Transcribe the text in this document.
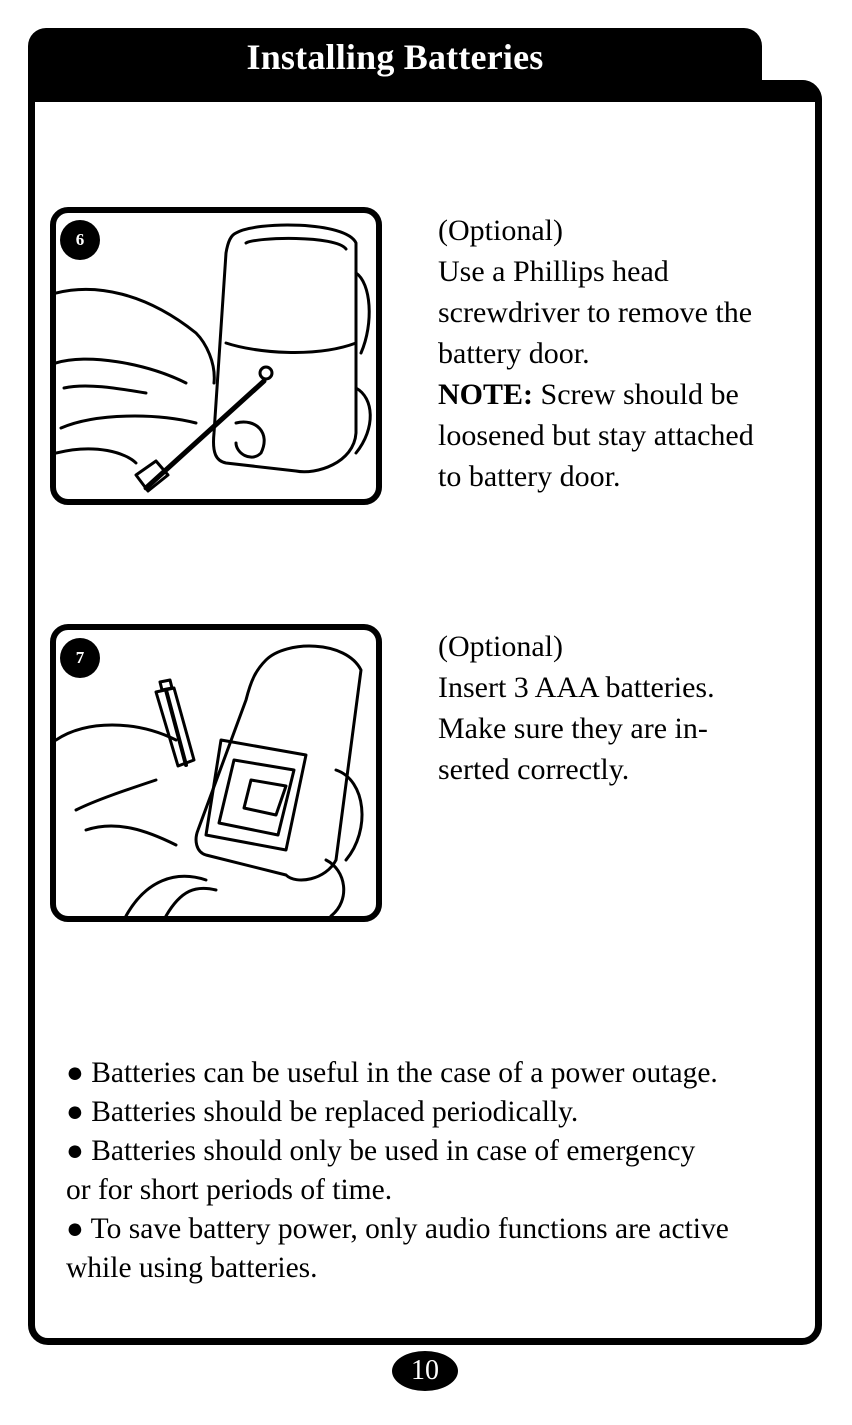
Installing Batteries
6	(Optional)
Use a Phillips head
screwdriver to remove the
battery door.
NOTE: Screw should be
loosened but stay attached
to battery door.
7	(Optional)
Insert 3 AAA batteries.
Make sure they are in-
serted correctly.
● Batteries can be useful in the case of a power outage.
● Batteries should be replaced periodically.
● Batteries should only be used in case of emergency
or for short periods of time.
● To save battery power, only audio functions are active
while using batteries.
10
